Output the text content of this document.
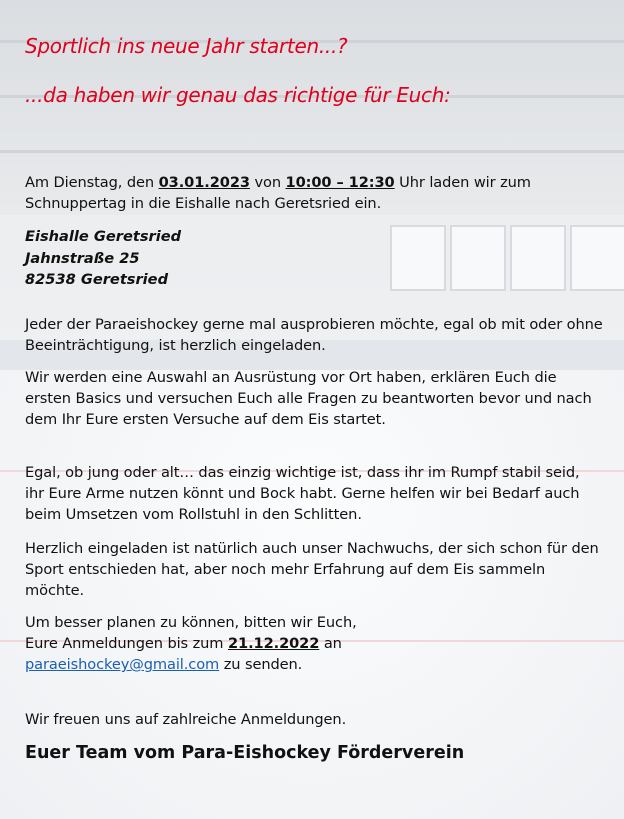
Sportlich ins neue Jahr starten...?
...da haben wir genau das richtige für Euch:
Am Dienstag, den 03.01.2023 von 10:00 – 12:30 Uhr laden wir zum Schnuppertag in die Eishalle nach Geretsried ein.
Eishalle Geretsried
Jahnstraße 25
82538 Geretsried
Jeder der Paraeishockey gerne mal ausprobieren möchte, egal ob mit oder ohne Beeinträchtigung, ist herzlich eingeladen.
Wir werden eine Auswahl an Ausrüstung vor Ort haben, erklären Euch die ersten Basics und versuchen Euch alle Fragen zu beantworten bevor und nach dem Ihr Eure ersten Versuche auf dem Eis startet.
Egal, ob jung oder alt… das einzig wichtige ist, dass ihr im Rumpf stabil seid, ihr Eure Arme nutzen könnt und Bock habt. Gerne helfen wir bei Bedarf auch beim Umsetzen vom Rollstuhl in den Schlitten.
Herzlich eingeladen ist natürlich auch unser Nachwuchs, der sich schon für den Sport entschieden hat, aber noch mehr Erfahrung auf dem Eis sammeln möchte.
Um besser planen zu können, bitten wir Euch,
Eure Anmeldungen bis zum 21.12.2022 an
paraeishockey@gmail.com zu senden.
Wir freuen uns auf zahlreiche Anmeldungen.
Euer Team vom Para-Eishockey Förderverein
